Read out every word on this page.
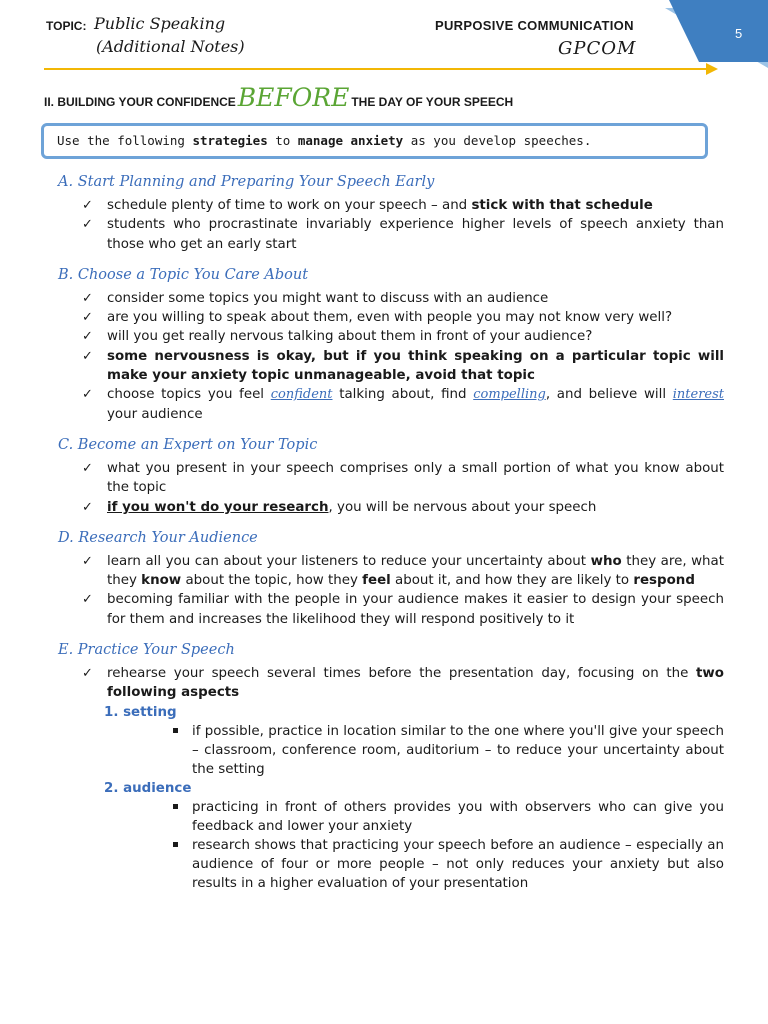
TOPIC: Public Speaking
(Additional Notes)
PURPOSIVE COMMUNICATION
GPCOM
5
II. BUILDING YOUR CONFIDENCE BEFORE THE DAY OF YOUR SPEECH
Use the following strategies to manage anxiety as you develop speeches.
A. Start Planning and Preparing Your Speech Early
✓ schedule plenty of time to work on your speech – and stick with that schedule
✓ students who procrastinate invariably experience higher levels of speech anxiety than those who get an early start
B. Choose a Topic You Care About
✓ consider some topics you might want to discuss with an audience
✓ are you willing to speak about them, even with people you may not know very well?
✓ will you get really nervous talking about them in front of your audience?
✓ some nervousness is okay, but if you think speaking on a particular topic will make your anxiety topic unmanageable, avoid that topic
✓ choose topics you feel confident talking about, find compelling, and believe will interest your audience
C. Become an Expert on Your Topic
✓ what you present in your speech comprises only a small portion of what you know about the topic
✓ if you won't do your research, you will be nervous about your speech
D. Research Your Audience
✓ learn all you can about your listeners to reduce your uncertainty about who they are, what they know about the topic, how they feel about it, and how they are likely to respond
✓ becoming familiar with the people in your audience makes it easier to design your speech for them and increases the likelihood they will respond positively to it
E. Practice Your Speech
✓ rehearse your speech several times before the presentation day, focusing on the two following aspects
1. setting
if possible, practice in location similar to the one where you'll give your speech – classroom, conference room, auditorium – to reduce your uncertainty about the setting
2. audience
practicing in front of others provides you with observers who can give you feedback and lower your anxiety
research shows that practicing your speech before an audience – especially an audience of four or more people – not only reduces your anxiety but also results in a higher evaluation of your presentation
